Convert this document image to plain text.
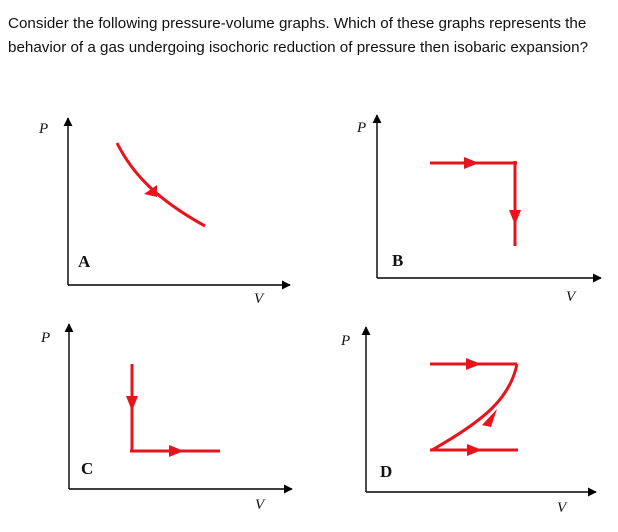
Consider the following pressure-volume graphs. Which of these graphs represents the behavior of a gas undergoing isochoric reduction of pressure then isobaric expansion?
P
V
A
P
V
B
P
V
C
P
V
D
